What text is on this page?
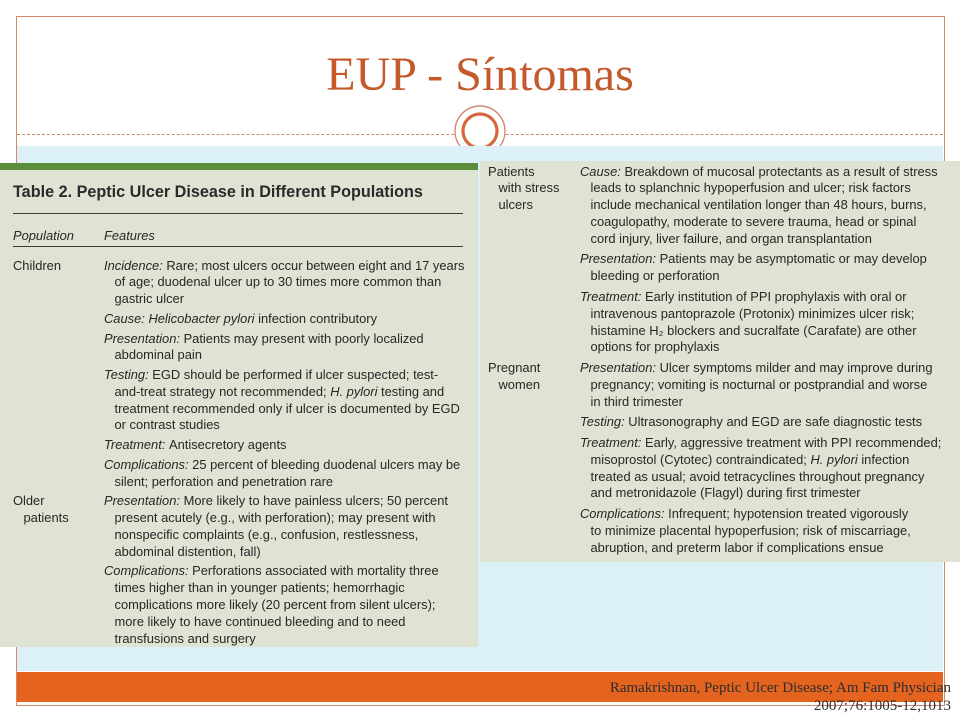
EUP - Síntomas
Table 2. Peptic Ulcer Disease in Different Populations
Population Features
Children	Incidence: Rare; most ulcers occur between eight and 17 years
of age; duodenal ulcer up to 30 times more common than
gastric ulcer
Cause: Helicobacter pylori infection contributory
Presentation: Patients may present with poorly localized
abdominal pain
Testing: EGD should be performed if ulcer suspected; test-
and-treat strategy not recommended; H. pylori testing and
treatment recommended only if ulcer is documented by EGD
or contrast studies
Treatment: Antisecretory agents
Complications: 25 percent of bleeding duodenal ulcers may be
silent; perforation and penetration rare
Older
patients
Presentation: More likely to have painless ulcers; 50 percent
present acutely (e.g., with perforation); may present with
nonspecific complaints (e.g., confusion, restlessness,
abdominal distention, fall)
Complications: Perforations associated with mortality three
times higher than in younger patients; hemorrhagic
complications more likely (20 percent from silent ulcers);
more likely to have continued bleeding and to need
transfusions and surgery
Patients
with stress
ulcers
Cause: Breakdown of mucosal protectants as a result of stress
leads to splanchnic hypoperfusion and ulcer; risk factors
include mechanical ventilation longer than 48 hours, burns,
coagulopathy, moderate to severe trauma, head or spinal
cord injury, liver failure, and organ transplantation
Presentation: Patients may be asymptomatic or may develop
bleeding or perforation
Treatment: Early institution of PPI prophylaxis with oral or
intravenous pantoprazole (Protonix) minimizes ulcer risk;
histamine H₂ blockers and sucralfate (Carafate) are other
options for prophylaxis
Pregnant
women
Presentation: Ulcer symptoms milder and may improve during
pregnancy; vomiting is nocturnal or postprandial and worse
in third trimester
Testing: Ultrasonography and EGD are safe diagnostic tests
Treatment: Early, aggressive treatment with PPI recommended;
misoprostol (Cytotec) contraindicated; H. pylori infection
treated as usual; avoid tetracyclines throughout pregnancy
and metronidazole (Flagyl) during first trimester
Complications: Infrequent; hypotension treated vigorously
to minimize placental hypoperfusion; risk of miscarriage,
abruption, and preterm labor if complications ensue
Ramakrishnan, Peptic Ulcer Disease; Am Fam Physician
2007;76:1005-12,1013
